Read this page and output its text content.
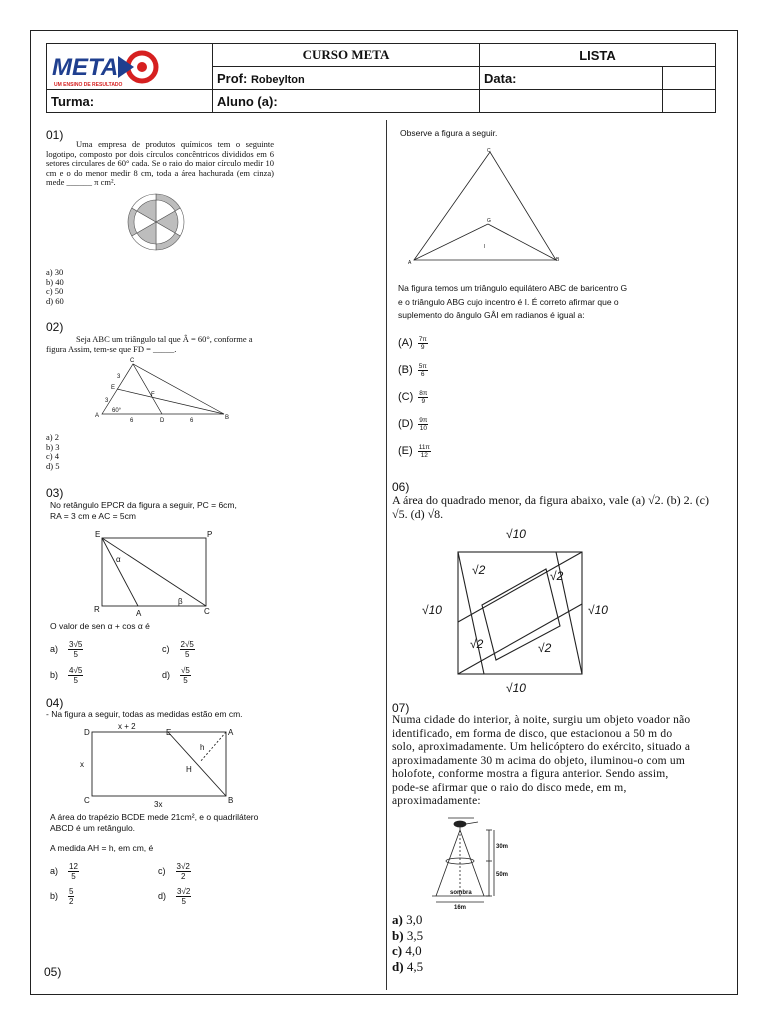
META
UM ENSINO DE RESULTADO
	CURSO META	LISTA	
	Prof: Robeylton	Data:	
Turma:	Aluno (a):		
01)
Uma empresa de produtos químicos tem o seguinte logotipo, composto por dois círculos concêntricos divididos em 6 setores circulares de 60° cada. Se o raio do maior círculo medir 10 cm e o do menor medir 8 cm, toda a área hachurada (em cinza) mede ______ π cm².
a) 30
b) 40
c) 50
d) 60
02)
Seja ABC um triângulo tal que Â = 60°, conforme a figura Assim, tem-se que FD = _____.
A	B
C
D
E
F
60°
6	6
3
3
a) 2
b) 3
c) 4
d) 5
03)
No retângulo EPCR da figura a seguir, PC = 6cm,
RA = 3 cm e AC = 5cm
E	P
R	A	C
α
β
O valor de sen α + cos α é
$a) \frac{3√5}{5}$	$c) \frac{2√5}{5}$
$b) \frac{4√5}{5}$	$d) \frac{√5}{5}$
04)
- Na figura a seguir, todas as medidas estão em cm.
D	E	A
C	B
H
h
x
x + 2
3x
A área do trapézio BCDE mede 21cm², e o quadrilátero ABCD é um retângulo.
A medida AH = h, em cm, é
$a) \frac{12}{5}$	$c) \frac{3√2}{2}$
$b) \frac{5}{2}$	$d) \frac{3√2}{5}$
05)
Observe a figura a seguir.
A	B
C
G
I
Na figura temos um triângulo equilátero ABC de baricentro G e o triângulo ABG cujo incentro é I. É correto afirmar que o suplemento do ângulo GÂI em radianos é igual a:
$(A) \frac{7\pi}{9}$
$(B) \frac{5\pi}{6}$
$(C) \frac{8\pi}{9}$
$(D) \frac{9\pi}{10}$
$(E) \frac{11\pi}{12}$
06)
A área do quadrado menor, da figura abaixo, vale (a) √2. (b) 2. (c) √5. (d) √8.
√10
√10
√10	√10
√2	√2
√2	√2
07)
Numa cidade do interior, à noite, surgiu um objeto voador não
identificado, em forma de disco, que estacionou a 50 m do
solo, aproximadamente. Um helicóptero do exército, situado a
aproximadamente 30 m acima do objeto, iluminou-o com um
holofote, conforme mostra a figura anterior. Sendo assim,
pode-se afirmar que o raio do disco mede, em m,
aproximadamente:
30m
50m
sombra
16m
a) 3,0
b) 3,5
c) 4,0
d) 4,5
